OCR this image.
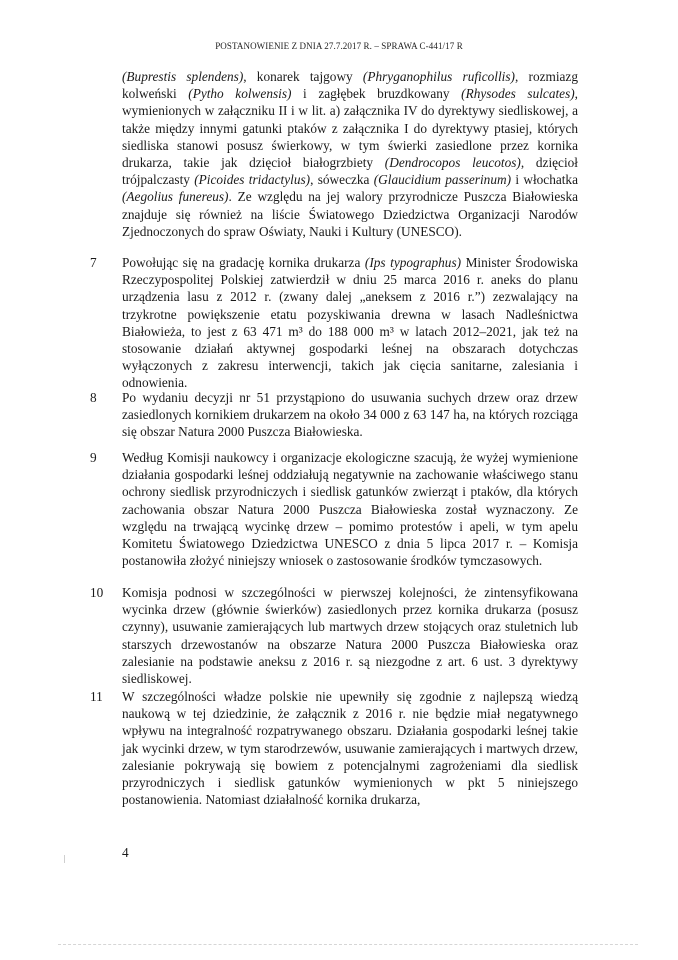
POSTANOWIENIE Z DNIA 27.7.2017 R. – SPRAWA C-441/17 R

(Buprestis splendens), konarek tajgowy (Phryganophilus ruficollis), rozmiazg kolweński (Pytho kolwensis) i zagłębek bruzdkowany (Rhysodes sulcates), wymienionych w załączniku II i w lit. a) załącznika IV do dyrektywy siedliskowej, a także między innymi gatunki ptaków z załącznika I do dyrektywy ptasiej, których siedliska stanowi posusz świerkowy, w tym świerki zasiedlone przez kornika drukarza, takie jak dzięcioł białogrzbiety (Dendrocopos leucotos), dzięcioł trójpalczasty (Picoides tridactylus), sóweczka (Glaucidium passerinum) i włochatka (Aegolius funereus). Ze względu na jej walory przyrodnicze Puszcza Białowieska znajduje się również na liście Światowego Dziedzictwa Organizacji Narodów Zjednoczonych do spraw Oświaty, Nauki i Kultury (UNESCO).

7	Powołując się na gradację kornika drukarza (Ips typographus) Minister Środowiska Rzeczypospolitej Polskiej zatwierdził w dniu 25 marca 2016 r. aneks do planu urządzenia lasu z 2012 r. (zwany dalej „aneksem z 2016 r.”) zezwalający na trzykrotne powiększenie etatu pozyskiwania drewna w lasach Nadleśnictwa Białowieża, to jest z 63 471 m³ do 188 000 m³ w latach 2012–2021, jak też na stosowanie działań aktywnej gospodarki leśnej na obszarach dotychczas wyłączonych z zakresu interwencji, takich jak cięcia sanitarne, zalesiania i odnowienia.

8	Po wydaniu decyzji nr 51 przystąpiono do usuwania suchych drzew oraz drzew zasiedlonych kornikiem drukarzem na około 34 000 z 63 147 ha, na których rozciąga się obszar Natura 2000 Puszcza Białowieska.

9	Według Komisji naukowcy i organizacje ekologiczne szacują, że wyżej wymienione działania gospodarki leśnej oddziałują negatywnie na zachowanie właściwego stanu ochrony siedlisk przyrodniczych i siedlisk gatunków zwierząt i ptaków, dla których zachowania obszar Natura 2000 Puszcza Białowieska został wyznaczony. Ze względu na trwającą wycinkę drzew – pomimo protestów i apeli, w tym apelu Komitetu Światowego Dziedzictwa UNESCO z dnia 5 lipca 2017 r. – Komisja postanowiła złożyć niniejszy wniosek o zastosowanie środków tymczasowych.

10	Komisja podnosi w szczególności w pierwszej kolejności, że zintensyfikowana wycinka drzew (głównie świerków) zasiedlonych przez kornika drukarza (posusz czynny), usuwanie zamierających lub martwych drzew stojących oraz stuletnich lub starszych drzewostanów na obszarze Natura 2000 Puszcza Białowieska oraz zalesianie na podstawie aneksu z 2016 r. są niezgodne z art. 6 ust. 3 dyrektywy siedliskowej.

11	W szczególności władze polskie nie upewniły się zgodnie z najlepszą wiedzą naukową w tej dziedzinie, że załącznik z 2016 r. nie będzie miał negatywnego wpływu na integralność rozpatrywanego obszaru. Działania gospodarki leśnej takie jak wycinki drzew, w tym starodrzewów, usuwanie zamierających i martwych drzew, zalesianie pokrywają się bowiem z potencjalnymi zagrożeniami dla siedlisk przyrodniczych i siedlisk gatunków wymienionych w pkt 5 niniejszego postanowienia. Natomiast działalność kornika drukarza,

4
